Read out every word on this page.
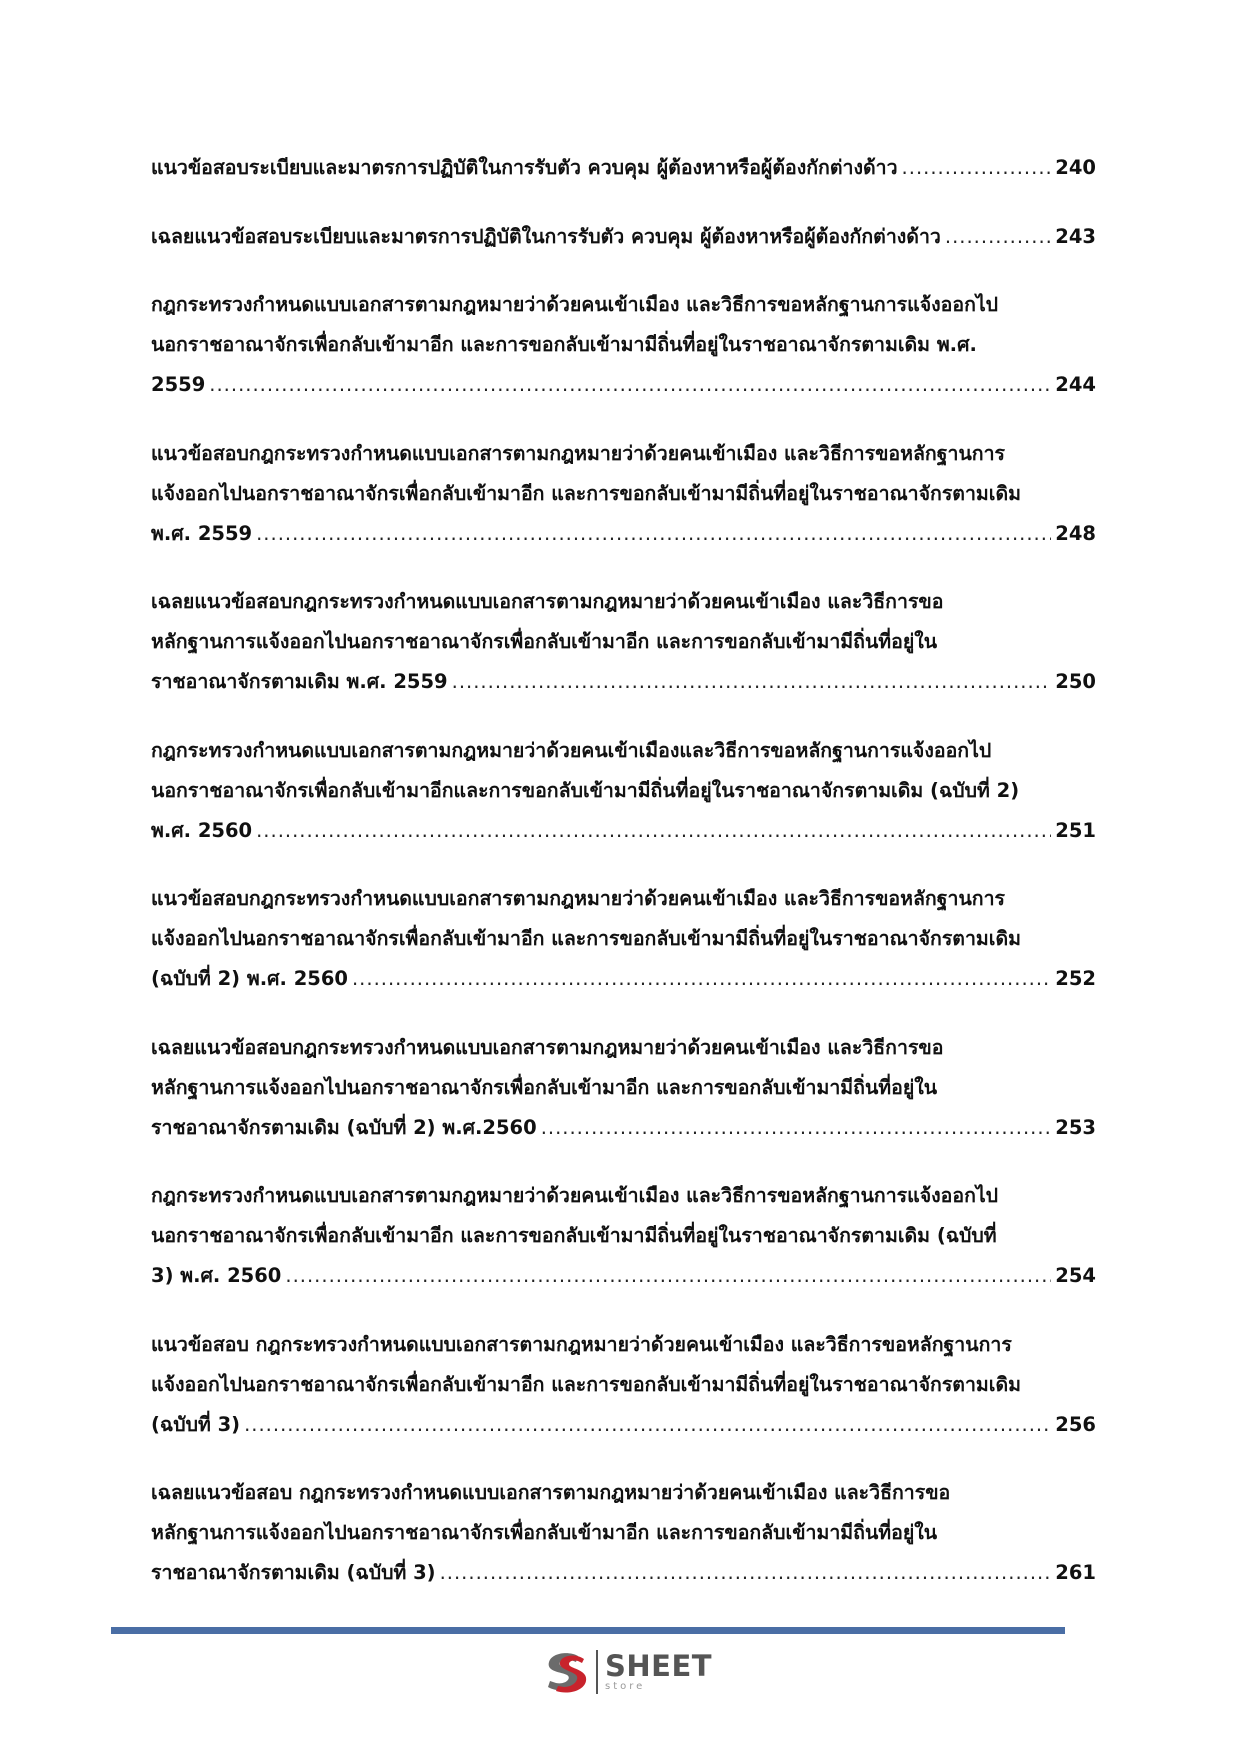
แนวข้อสอบระเบียบและมาตรการปฏิบัติในการรับตัว ควบคุม ผู้ต้องหาหรือผู้ต้องกักต่างด้าว .....	240
เฉลยแนวข้อสอบระเบียบและมาตรการปฏิบัติในการรับตัว ควบคุม ผู้ต้องหาหรือผู้ต้องกักต่างด้าว .....	243
กฎกระทรวงกำหนดแบบเอกสารตามกฎหมายว่าด้วยคนเข้าเมือง และวิธีการขอหลักฐานการแจ้งออกไป
นอกราชอาณาจักรเพื่อกลับเข้ามาอีก และการขอกลับเข้ามามีถิ่นที่อยู่ในราชอาณาจักรตามเดิม พ.ศ.
2559 .....	244
แนวข้อสอบกฎกระทรวงกำหนดแบบเอกสารตามกฎหมายว่าด้วยคนเข้าเมือง และวิธีการขอหลักฐานการ
แจ้งออกไปนอกราชอาณาจักรเพื่อกลับเข้ามาอีก และการขอกลับเข้ามามีถิ่นที่อยู่ในราชอาณาจักรตามเดิม
พ.ศ. 2559 .....	248
เฉลยแนวข้อสอบกฎกระทรวงกำหนดแบบเอกสารตามกฎหมายว่าด้วยคนเข้าเมือง และวิธีการขอ
หลักฐานการแจ้งออกไปนอกราชอาณาจักรเพื่อกลับเข้ามาอีก และการขอกลับเข้ามามีถิ่นที่อยู่ใน
ราชอาณาจักรตามเดิม พ.ศ. 2559 .....	250
กฎกระทรวงกำหนดแบบเอกสารตามกฎหมายว่าด้วยคนเข้าเมืองและวิธีการขอหลักฐานการแจ้งออกไป
นอกราชอาณาจักรเพื่อกลับเข้ามาอีกและการขอกลับเข้ามามีถิ่นที่อยู่ในราชอาณาจักรตามเดิม (ฉบับที่ 2)
พ.ศ. 2560 .....	251
แนวข้อสอบกฎกระทรวงกำหนดแบบเอกสารตามกฎหมายว่าด้วยคนเข้าเมือง และวิธีการขอหลักฐานการ
แจ้งออกไปนอกราชอาณาจักรเพื่อกลับเข้ามาอีก และการขอกลับเข้ามามีถิ่นที่อยู่ในราชอาณาจักรตามเดิม
(ฉบับที่ 2) พ.ศ. 2560 .....	252
เฉลยแนวข้อสอบกฎกระทรวงกำหนดแบบเอกสารตามกฎหมายว่าด้วยคนเข้าเมือง และวิธีการขอ
หลักฐานการแจ้งออกไปนอกราชอาณาจักรเพื่อกลับเข้ามาอีก และการขอกลับเข้ามามีถิ่นที่อยู่ใน
ราชอาณาจักรตามเดิม (ฉบับที่ 2) พ.ศ.2560 .....	253
กฎกระทรวงกำหนดแบบเอกสารตามกฎหมายว่าด้วยคนเข้าเมือง และวิธีการขอหลักฐานการแจ้งออกไป
นอกราชอาณาจักรเพื่อกลับเข้ามาอีก และการขอกลับเข้ามามีถิ่นที่อยู่ในราชอาณาจักรตามเดิม (ฉบับที่
3) พ.ศ. 2560 .....	254
แนวข้อสอบ กฎกระทรวงกำหนดแบบเอกสารตามกฎหมายว่าด้วยคนเข้าเมือง และวิธีการขอหลักฐานการ
แจ้งออกไปนอกราชอาณาจักรเพื่อกลับเข้ามาอีก และการขอกลับเข้ามามีถิ่นที่อยู่ในราชอาณาจักรตามเดิม
(ฉบับที่ 3) .....	256
เฉลยแนวข้อสอบ กฎกระทรวงกำหนดแบบเอกสารตามกฎหมายว่าด้วยคนเข้าเมือง และวิธีการขอ
หลักฐานการแจ้งออกไปนอกราชอาณาจักรเพื่อกลับเข้ามาอีก และการขอกลับเข้ามามีถิ่นที่อยู่ใน
ราชอาณาจักรตามเดิม (ฉบับที่ 3) .....	261
SHEET
store
